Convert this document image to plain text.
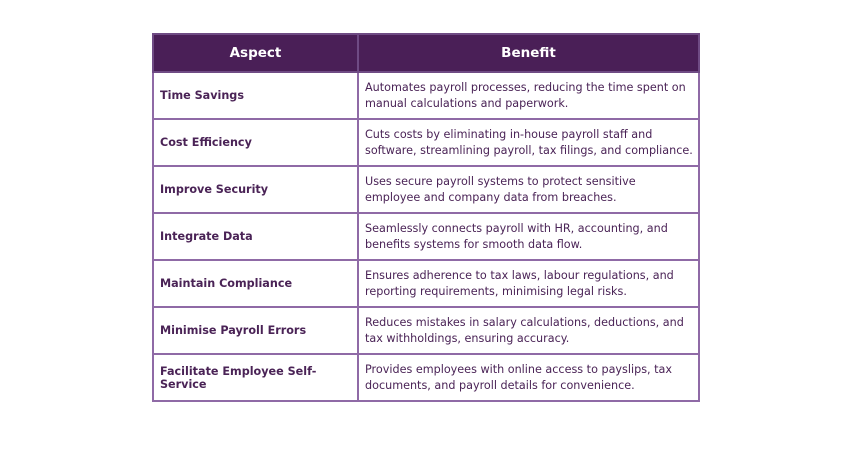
Aspect	Benefit
Time Savings	Automates payroll processes, reducing the time spent on manual calculations and paperwork.
Cost Efficiency	Cuts costs by eliminating in-house payroll staff and software, streamlining payroll, tax filings, and compliance.
Improve Security	Uses secure payroll systems to protect sensitive employee and company data from breaches.
Integrate Data	Seamlessly connects payroll with HR, accounting, and benefits systems for smooth data flow.
Maintain Compliance	Ensures adherence to tax laws, labour regulations, and reporting requirements, minimising legal risks.
Minimise Payroll Errors	Reduces mistakes in salary calculations, deductions, and tax withholdings, ensuring accuracy.
Facilitate Employee Self-Service	Provides employees with online access to payslips, tax documents, and payroll details for convenience.
